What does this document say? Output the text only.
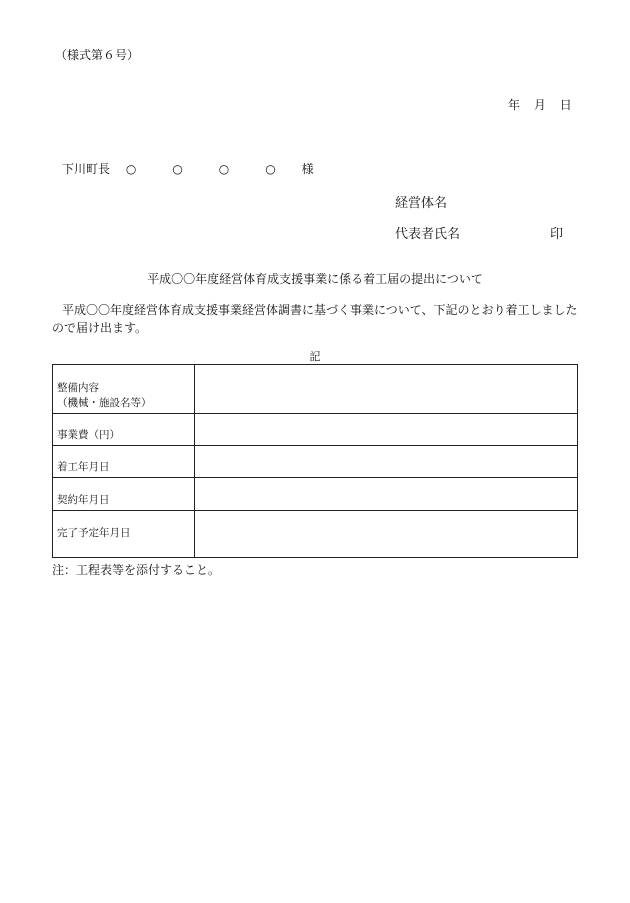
（様式第６号）
年 月 日
下川町長 ○　○　○　○ 様
経営体名
代表者氏名	印
平成〇〇年度経営体育成支援事業に係る着工届の提出について
平成〇〇年度経営体育成支援事業経営体調書に基づく事業について、下記のとおり着工しましたので届け出ます。
記
整備内容
（機械・施設名等）	

事業費（円）	
着工年月日	
契約年月日	
完了予定年月日	
注：工程表等を添付すること。
